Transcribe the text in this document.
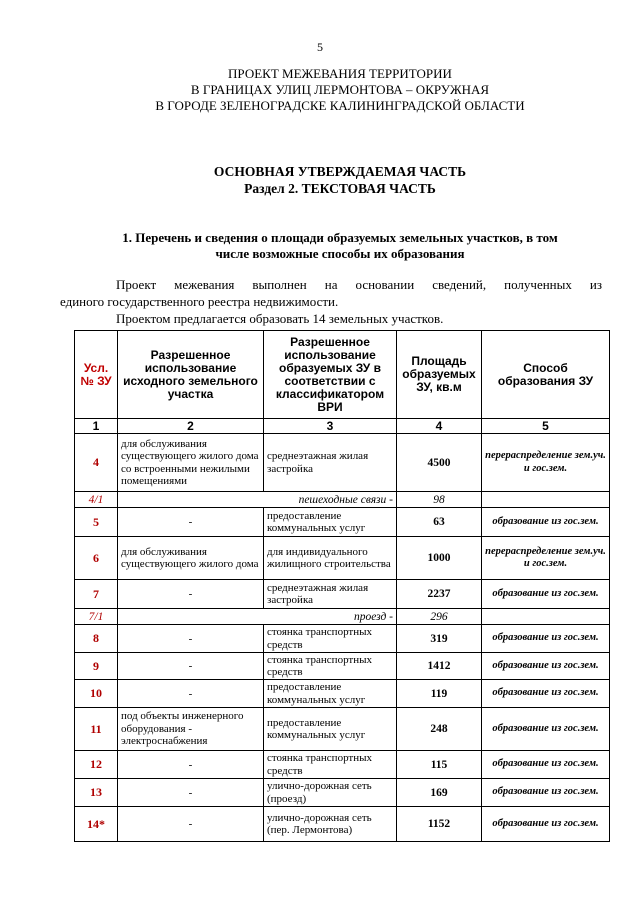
5
ПРОЕКТ МЕЖЕВАНИЯ ТЕРРИТОРИИ
В ГРАНИЦАХ УЛИЦ ЛЕРМОНТОВА – ОКРУЖНАЯ
В ГОРОДЕ ЗЕЛЕНОГРАДСКЕ КАЛИНИНГРАДСКОЙ ОБЛАСТИ
ОСНОВНАЯ УТВЕРЖДАЕМАЯ ЧАСТЬ
Раздел 2. ТЕКСТОВАЯ ЧАСТЬ
1. Перечень и сведения о площади образуемых земельных участков, в том
числе возможные способы их образования
Проект межевания выполнен на основании сведений, полученных из
единого государственного реестра недвижимости.
Проектом предлагается образовать 14 земельных участков.
Усл. № ЗУ	Разрешенное использование исходного земельного участка	Разрешенное использование образуемых ЗУ в соответствии с классификатором ВРИ	Площадь образуемых ЗУ, кв.м	Способ образования ЗУ
1	2	3	4	5
4	для обслуживания существующего жилого дома со встроенными нежилыми помещениями	среднеэтажная жилая застройка	4500	перераспределение зем.уч. и гос.зем.
4/1	пешеходные связи -		98	
5	-	предоставление коммунальных услуг	63	образование из гос.зем.
6	для обслуживания существующего жилого дома	для индивидуального жилищного строительства	1000	перераспределение зем.уч. и гос.зем.
7	-	среднеэтажная жилая застройка	2237	образование из гос.зем.
7/1	проезд -		296	
8	-	стоянка транспортных средств	319	образование из гос.зем.
9	-	стоянка транспортных средств	1412	образование из гос.зем.
10	-	предоставление коммунальных услуг	119	образование из гос.зем.
11	под объекты инженерного оборудования - электроснабжения	предоставление коммунальных услуг	248	образование из гос.зем.
12	-	стоянка транспортных средств	115	образование из гос.зем.
13	-	улично-дорожная сеть (проезд)	169	образование из гос.зем.
14*	-	улично-дорожная сеть (пер. Лермонтова)	1152	образование из гос.зем.
